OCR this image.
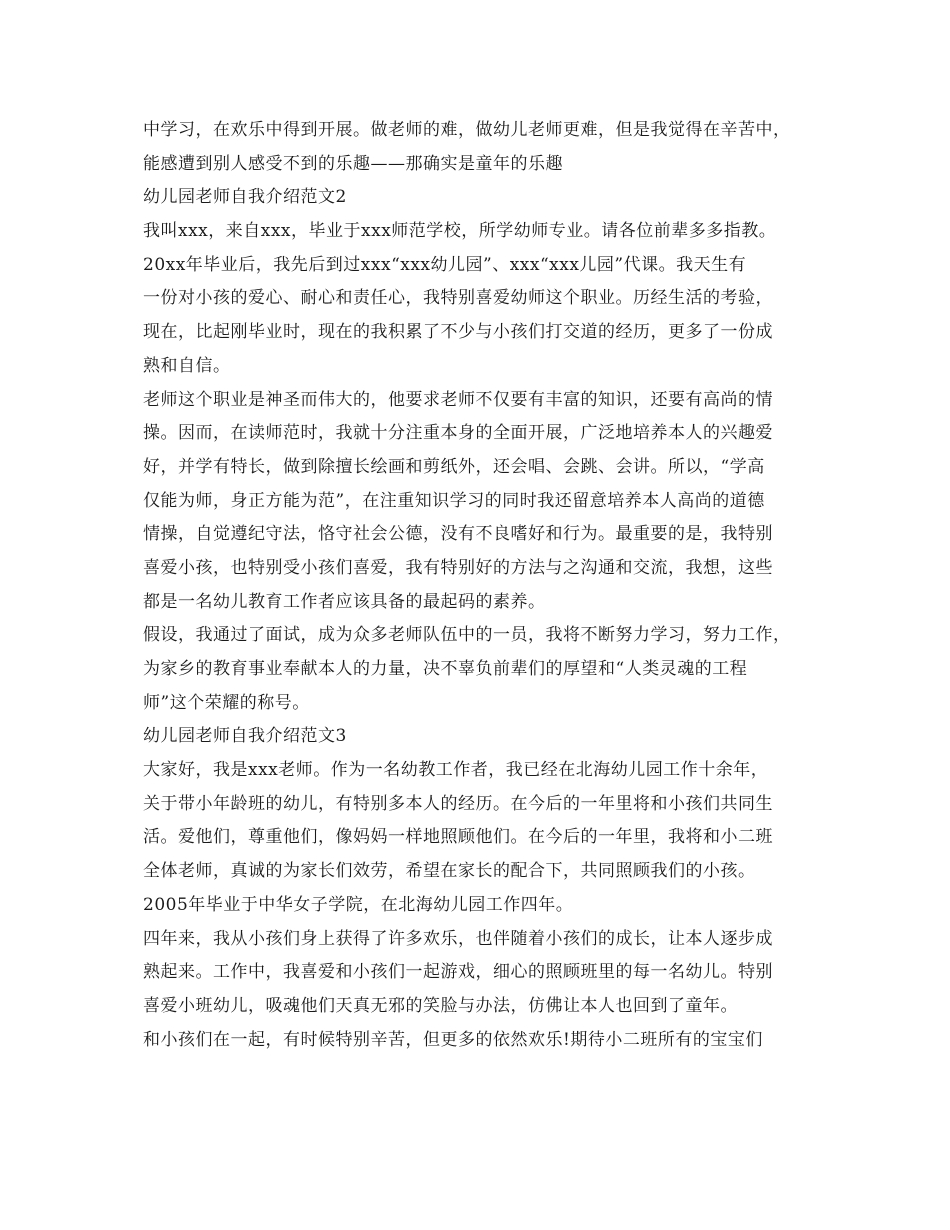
中学习，在欢乐中得到开展。做老师的难，做幼儿老师更难，但是我觉得在辛苦中，
能感遭到别人感受不到的乐趣——那确实是童年的乐趣
幼儿园老师自我介绍范文2
我叫xxx，来自xxx，毕业于xxx师范学校，所学幼师专业。请各位前辈多多指教。
20xx年毕业后，我先后到过xxx“xxx幼儿园”、xxx“xxx儿园”代课。我天生有
一份对小孩的爱心、耐心和责任心，我特别喜爱幼师这个职业。历经生活的考验，
现在，比起刚毕业时，现在的我积累了不少与小孩们打交道的经历，更多了一份成
熟和自信。
老师这个职业是神圣而伟大的，他要求老师不仅要有丰富的知识，还要有高尚的情
操。因而，在读师范时，我就十分注重本身的全面开展，广泛地培养本人的兴趣爱
好，并学有特长，做到除擅长绘画和剪纸外，还会唱、会跳、会讲。所以，“学高
仅能为师，身正方能为范”，在注重知识学习的同时我还留意培养本人高尚的道德
情操，自觉遵纪守法，恪守社会公德，没有不良嗜好和行为。最重要的是，我特别
喜爱小孩，也特别受小孩们喜爱，我有特别好的方法与之沟通和交流，我想，这些
都是一名幼儿教育工作者应该具备的最起码的素养。
假设，我通过了面试，成为众多老师队伍中的一员，我将不断努力学习，努力工作，
为家乡的教育事业奉献本人的力量，决不辜负前辈们的厚望和“人类灵魂的工程
师”这个荣耀的称号。
幼儿园老师自我介绍范文3
大家好，我是xxx老师。作为一名幼教工作者，我已经在北海幼儿园工作十余年，
关于带小年龄班的幼儿，有特别多本人的经历。在今后的一年里将和小孩们共同生
活。爱他们，尊重他们，像妈妈一样地照顾他们。在今后的一年里，我将和小二班
全体老师，真诚的为家长们效劳，希望在家长的配合下，共同照顾我们的小孩。
2005年毕业于中华女子学院，在北海幼儿园工作四年。
四年来，我从小孩们身上获得了许多欢乐，也伴随着小孩们的成长，让本人逐步成
熟起来。工作中，我喜爱和小孩们一起游戏，细心的照顾班里的每一名幼儿。特别
喜爱小班幼儿，吸魂他们天真无邪的笑脸与办法，仿佛让本人也回到了童年。
和小孩们在一起，有时候特别辛苦，但更多的依然欢乐!期待小二班所有的宝宝们
